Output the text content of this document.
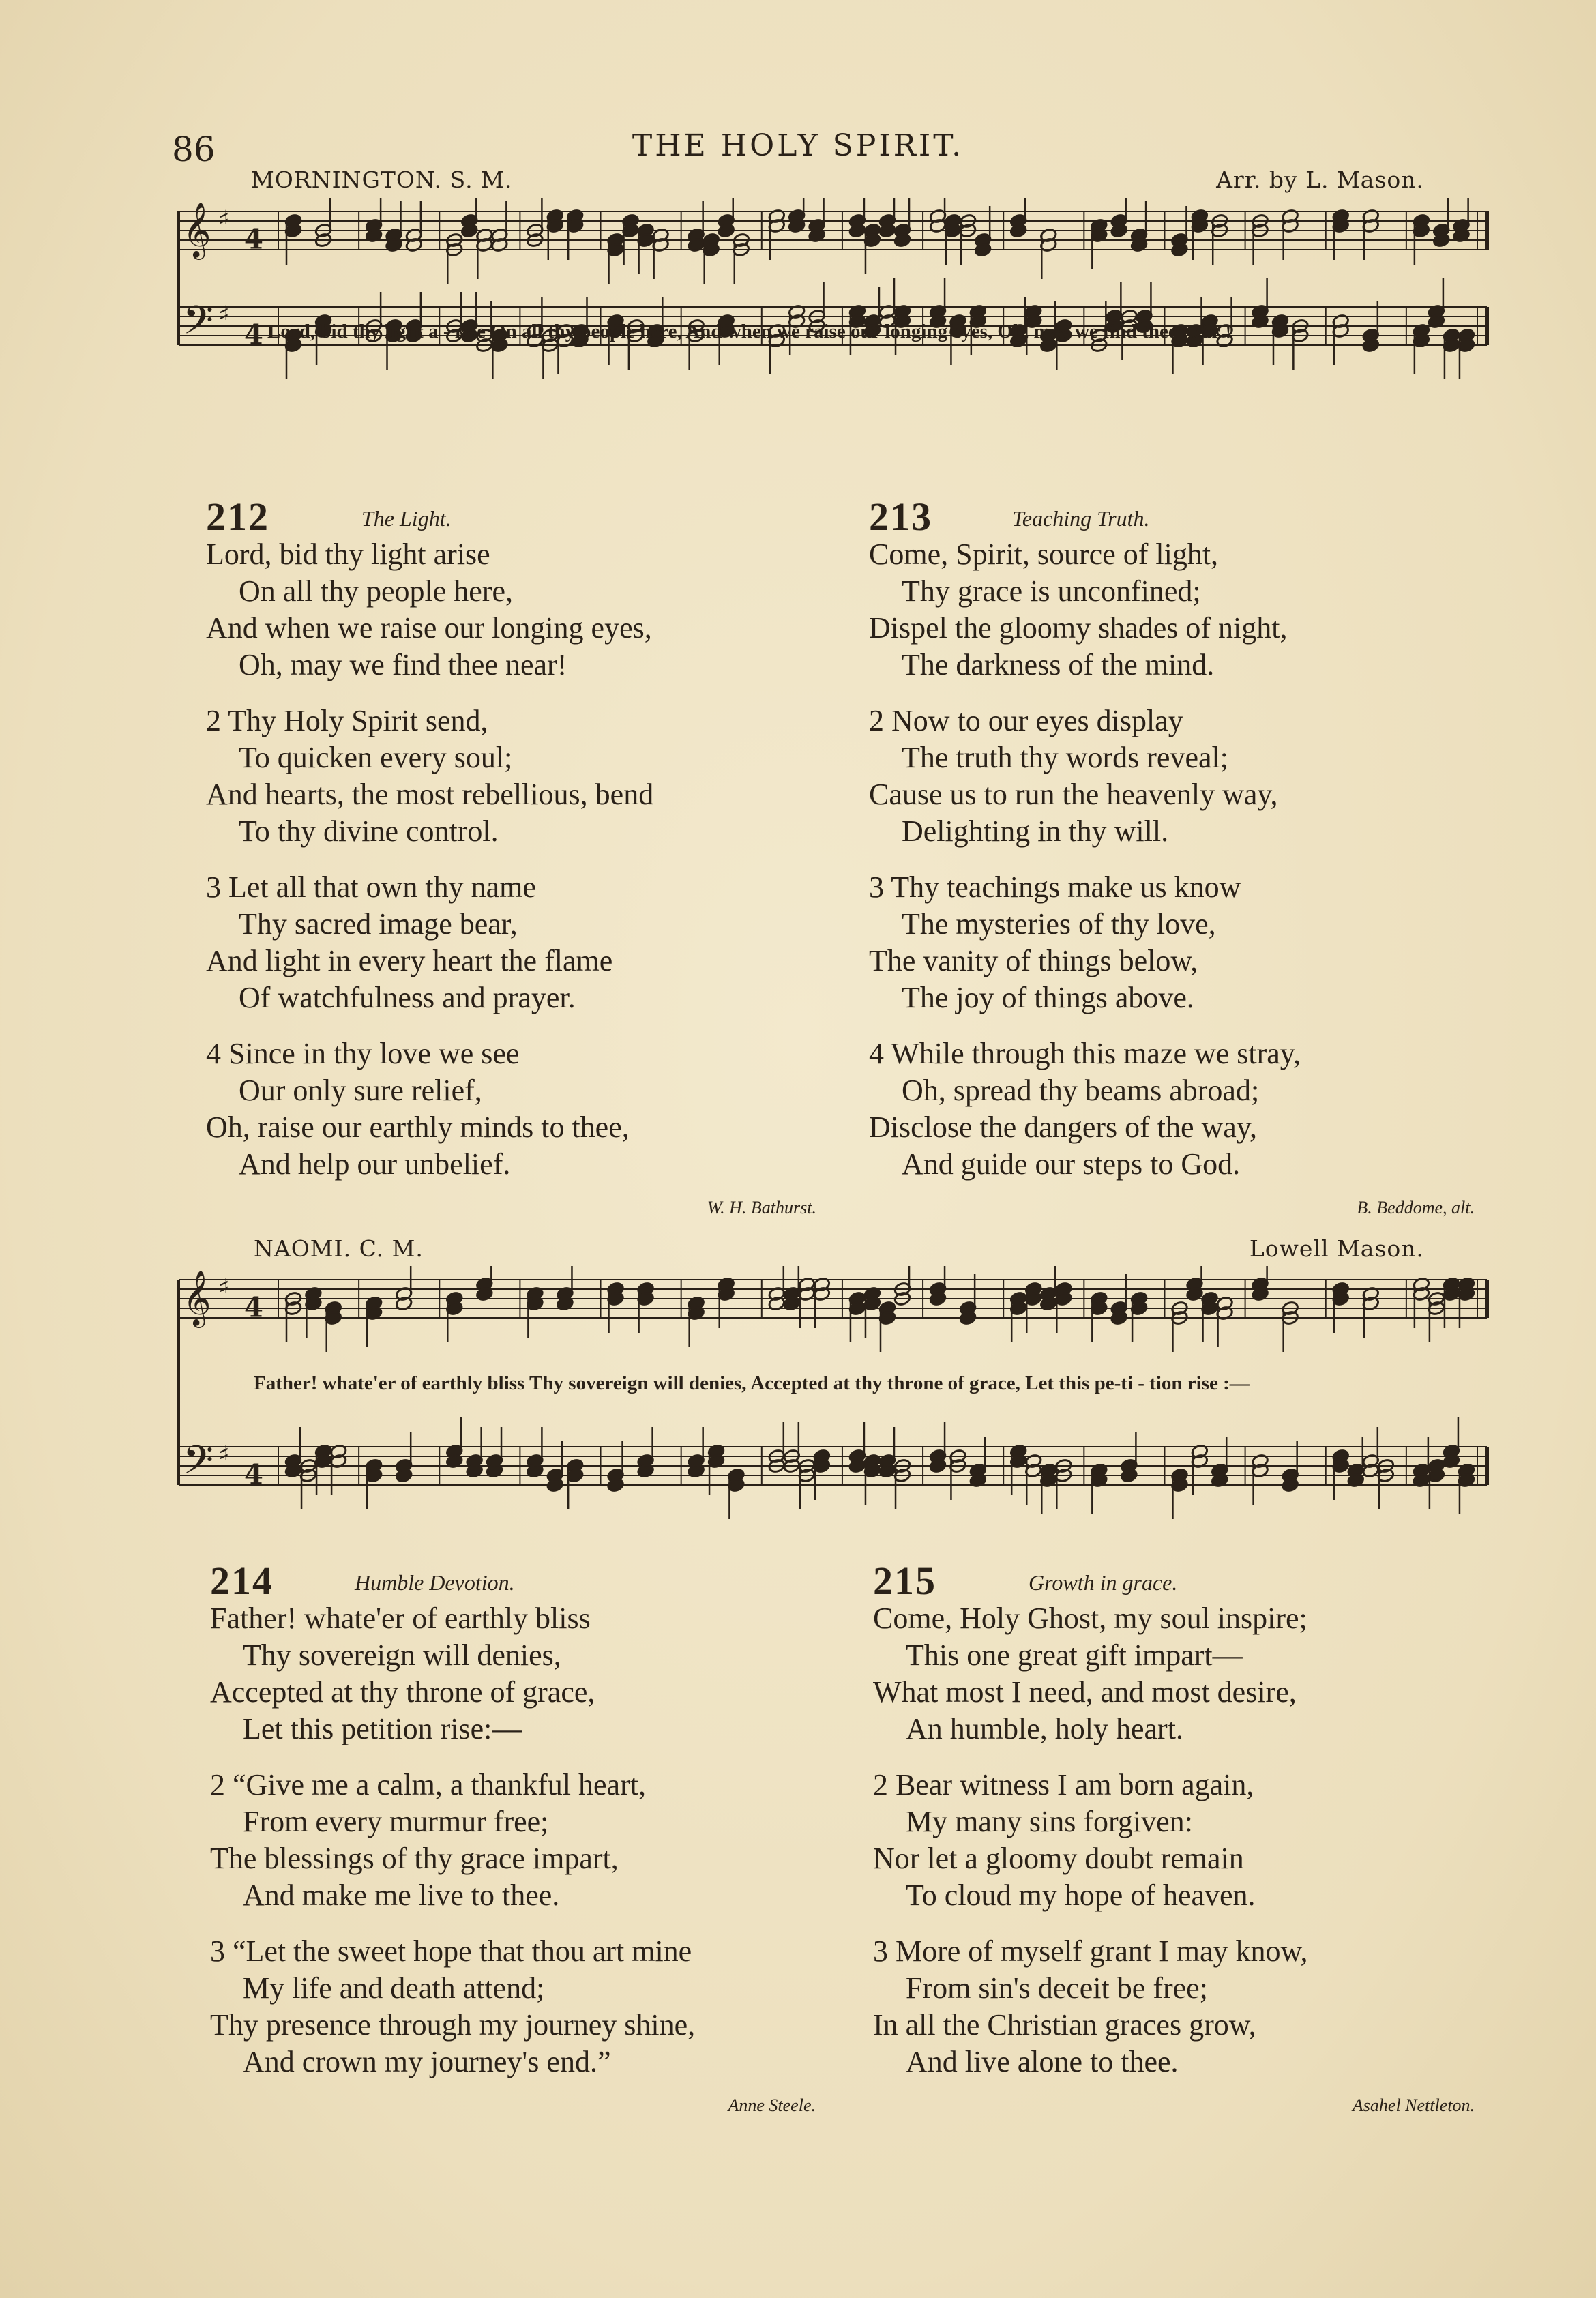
86	THE HOLY SPIRIT.
MORNINGTON. S. M.	Arr. by L. Mason.
𝄞 ♯
4
𝄢 ♯
4 Lord, bid thy light a - rise On all thy people here, And when we raise our longing eyes, Oh, may we find thee near !
212	The Light.
Lord, bid thy light arise
On all thy people here,
And when we raise our longing eyes,
Oh, may we find thee near!
2 Thy Holy Spirit send,
To quicken every soul;
And hearts, the most rebellious, bend
To thy divine control.
3 Let all that own thy name
Thy sacred image bear,
And light in every heart the flame
Of watchfulness and prayer.
4 Since in thy love we see
Our only sure relief,
Oh, raise our earthly minds to thee,
And help our unbelief.
W. H. Bathurst.
213	Teaching Truth.
Come, Spirit, source of light,
Thy grace is unconfined;
Dispel the gloomy shades of night,
The darkness of the mind.
2 Now to our eyes display
The truth thy words reveal;
Cause us to run the heavenly way,
Delighting in thy will.
3 Thy teachings make us know
The mysteries of thy love,
The vanity of things below,
The joy of things above.
4 While through this maze we stray,
Oh, spread thy beams abroad;
Disclose the dangers of the way,
And guide our steps to God.
B. Beddome, alt.
NAOMI. C. M.	Lowell Mason.
𝄞 ♯
4
𝄢 ♯
4
Father! whate'er of earthly bliss Thy sovereign will denies, Accepted at thy throne of grace, Let this pe-ti - tion rise :—
214	Humble Devotion.
Father! whate'er of earthly bliss
Thy sovereign will denies,
Accepted at thy throne of grace,
Let this petition rise:—
2 “Give me a calm, a thankful heart,
From every murmur free;
The blessings of thy grace impart,
And make me live to thee.
3 “Let the sweet hope that thou art mine
My life and death attend;
Thy presence through my journey shine,
And crown my journey's end.”
Anne Steele.
215	Growth in grace.
Come, Holy Ghost, my soul inspire;
This one great gift impart—
What most I need, and most desire,
An humble, holy heart.
2 Bear witness I am born again,
My many sins forgiven:
Nor let a gloomy doubt remain
To cloud my hope of heaven.
3 More of myself grant I may know,
From sin's deceit be free;
In all the Christian graces grow,
And live alone to thee.
Asahel Nettleton.
